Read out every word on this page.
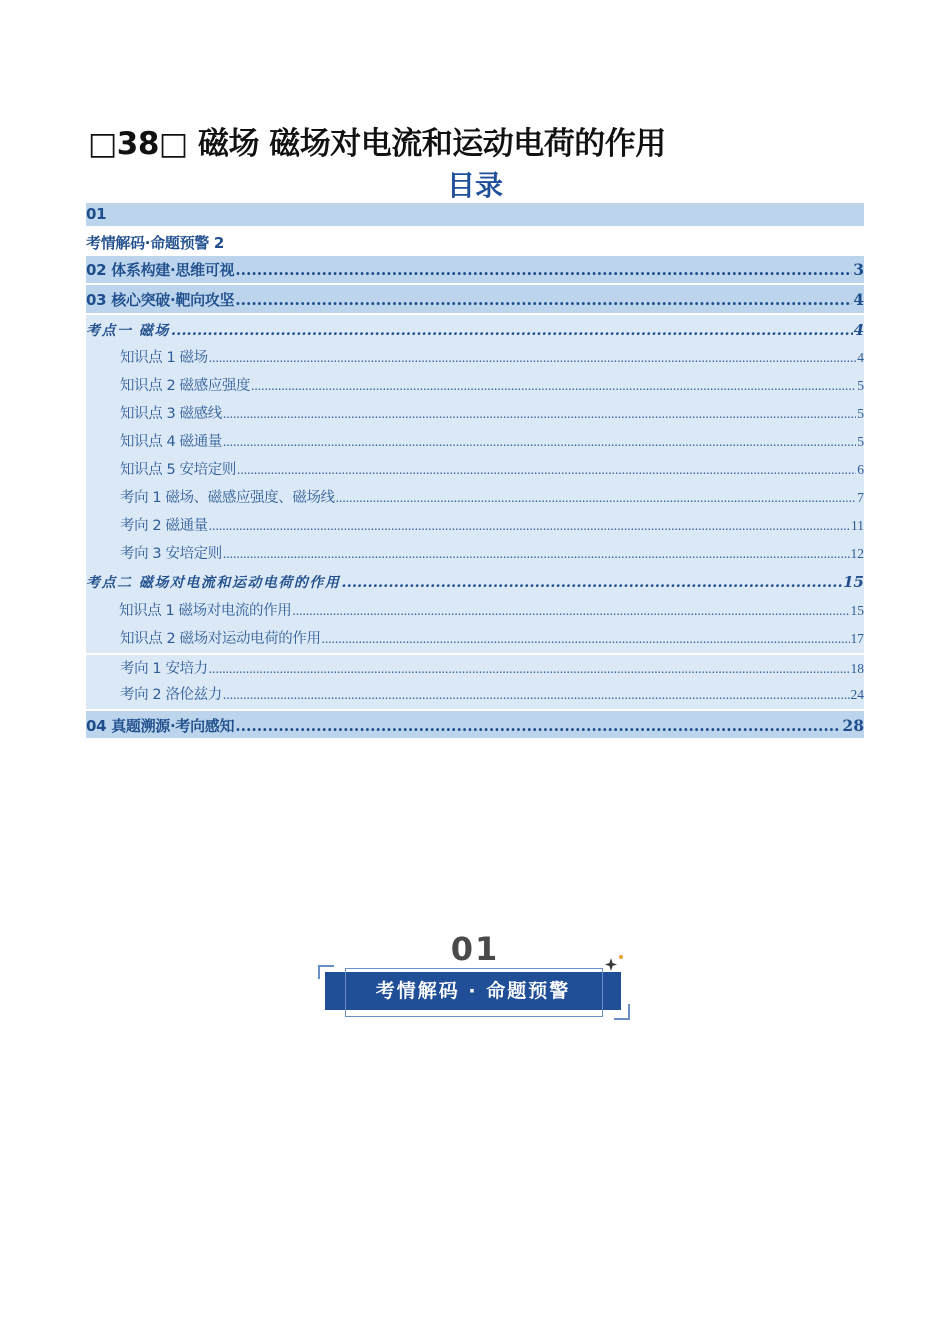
□38□ 磁场 磁场对电流和运动电荷的作用
目录
01
考情解码·命题预警 2
02 体系构建·思维可视 .....	3
03 核心突破·靶向攻坚 .....	4
考点一 磁场 .....	4
知识点 1 磁场 .....	4
知识点 2 磁感应强度 .....	5
知识点 3 磁感线 .....	5
知识点 4 磁通量 .....	5
知识点 5 安培定则 .....	6
考向 1 磁场、磁感应强度、磁场线 .....	7
考向 2 磁通量 .....	11
考向 3 安培定则 .....	12
考点二 磁场对电流和运动电荷的作用 .....	15
知识点 1 磁场对电流的作用 .....	15
知识点 2 磁场对运动电荷的作用 .....	17
考向 1 安培力 .....	18
考向 2 洛伦兹力 .....	24
04 真题溯源·考向感知 .....	28
01
考情解码 · 命题预警
